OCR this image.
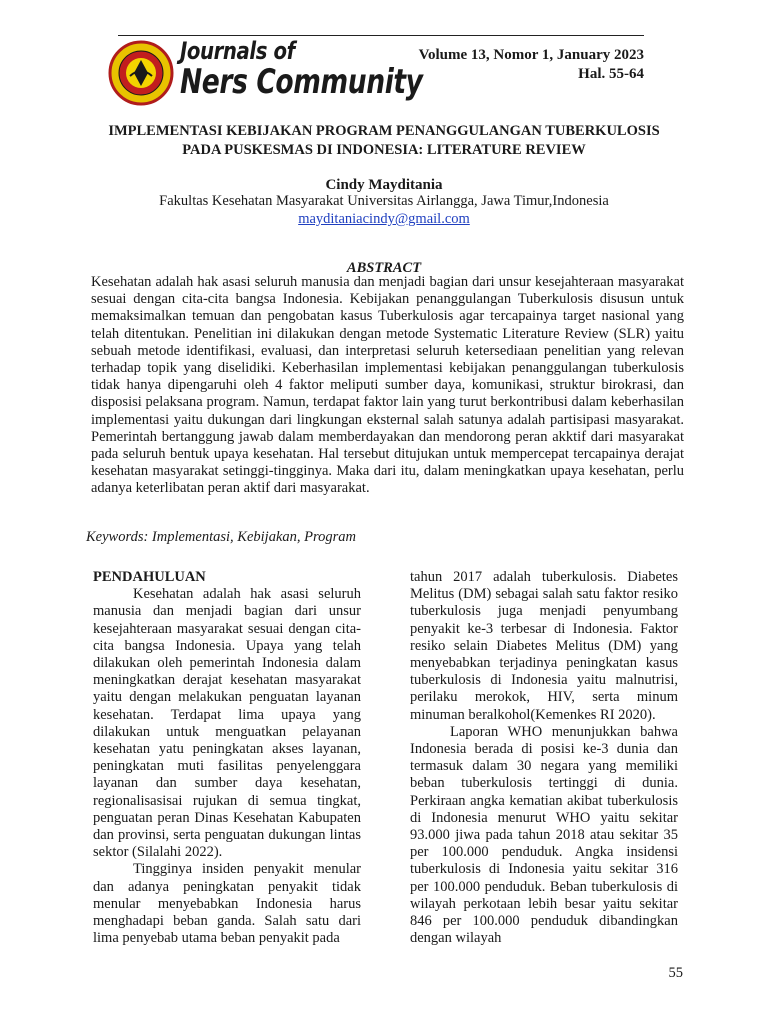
Journals of
Ners Community
Volume 13, Nomor 1, January 2023
Hal. 55-64
IMPLEMENTASI KEBIJAKAN PROGRAM PENANGGULANGAN TUBERKULOSIS
PADA PUSKESMAS DI INDONESIA: LITERATURE REVIEW
Cindy Mayditania
Fakultas Kesehatan Masyarakat Universitas Airlangga, Jawa Timur,Indonesia
mayditaniacindy@gmail.com
ABSTRACT
Kesehatan adalah hak asasi seluruh manusia dan menjadi bagian dari unsur kesejahteraan masyarakat sesuai dengan cita-cita bangsa Indonesia. Kebijakan penanggulangan Tuberkulosis disusun untuk memaksimalkan temuan dan pengobatan kasus Tuberkulosis agar tercapainya target nasional yang telah ditentukan. Penelitian ini dilakukan dengan metode Systematic Literature Review (SLR) yaitu sebuah metode identifikasi, evaluasi, dan interpretasi seluruh ketersediaan penelitian yang relevan terhadap topik yang diselidiki. Keberhasilan implementasi kebijakan penanggulangan tuberkulosis tidak hanya dipengaruhi oleh 4 faktor meliputi sumber daya, komunikasi, struktur birokrasi, dan disposisi pelaksana program. Namun, terdapat faktor lain yang turut berkontribusi dalam keberhasilan implementasi yaitu dukungan dari lingkungan eksternal salah satunya adalah partisipasi masyarakat. Pemerintah bertanggung jawab dalam memberdayakan dan mendorong peran akktif dari masyarakat pada seluruh bentuk upaya kesehatan. Hal tersebut ditujukan untuk mempercepat tercapainya derajat kesehatan masyarakat setinggi-tingginya. Maka dari itu, dalam meningkatkan upaya kesehatan, perlu adanya keterlibatan peran aktif dari masyarakat.
Keywords: Implementasi, Kebijakan, Program

PENDAHULUAN

Kesehatan adalah hak asasi seluruh manusia dan menjadi bagian dari unsur kesejahteraan masyarakat sesuai dengan cita-cita bangsa Indonesia. Upaya yang telah dilakukan oleh pemerintah Indonesia dalam meningkatkan derajat kesehatan masyarakat yaitu dengan melakukan penguatan layanan kesehatan. Terdapat lima upaya yang dilakukan untuk menguatkan pelayanan kesehatan yatu peningkatan akses layanan, peningkatan muti fasilitas penyelenggara layanan dan sumber daya kesehatan, regionalisasisai rujukan di semua tingkat, penguatan peran Dinas Kesehatan Kabupaten dan provinsi, serta penguatan dukungan lintas sektor (Silalahi 2022).

Tingginya insiden penyakit menular dan adanya peningkatan penyakit tidak menular menyebabkan Indonesia harus menghadapi beban ganda. Salah satu dari lima penyebab utama beban penyakit pada

tahun 2017 adalah tuberkulosis. Diabetes Melitus (DM) sebagai salah satu faktor resiko tuberkulosis juga menjadi penyumbang penyakit ke-3 terbesar di Indonesia. Faktor resiko selain Diabetes Melitus (DM) yang menyebabkan terjadinya peningkatan kasus tuberkulosis di Indonesia yaitu malnutrisi, perilaku merokok, HIV, serta minum minuman beralkohol(Kemenkes RI 2020).

Laporan WHO menunjukkan bahwa Indonesia berada di posisi ke-3 dunia dan termasuk dalam 30 negara yang memiliki beban tuberkulosis tertinggi di dunia. Perkiraan angka kematian akibat tuberkulosis di Indonesia menurut WHO yaitu sekitar 93.000 jiwa pada tahun 2018 atau sekitar 35 per 100.000 penduduk. Angka insidensi tuberkulosis di Indonesia yaitu sekitar 316 per 100.000 penduduk. Beban tuberkulosis di wilayah perkotaan lebih besar yaitu sekitar 846 per 100.000 penduduk dibandingkan dengan wilayah

55
